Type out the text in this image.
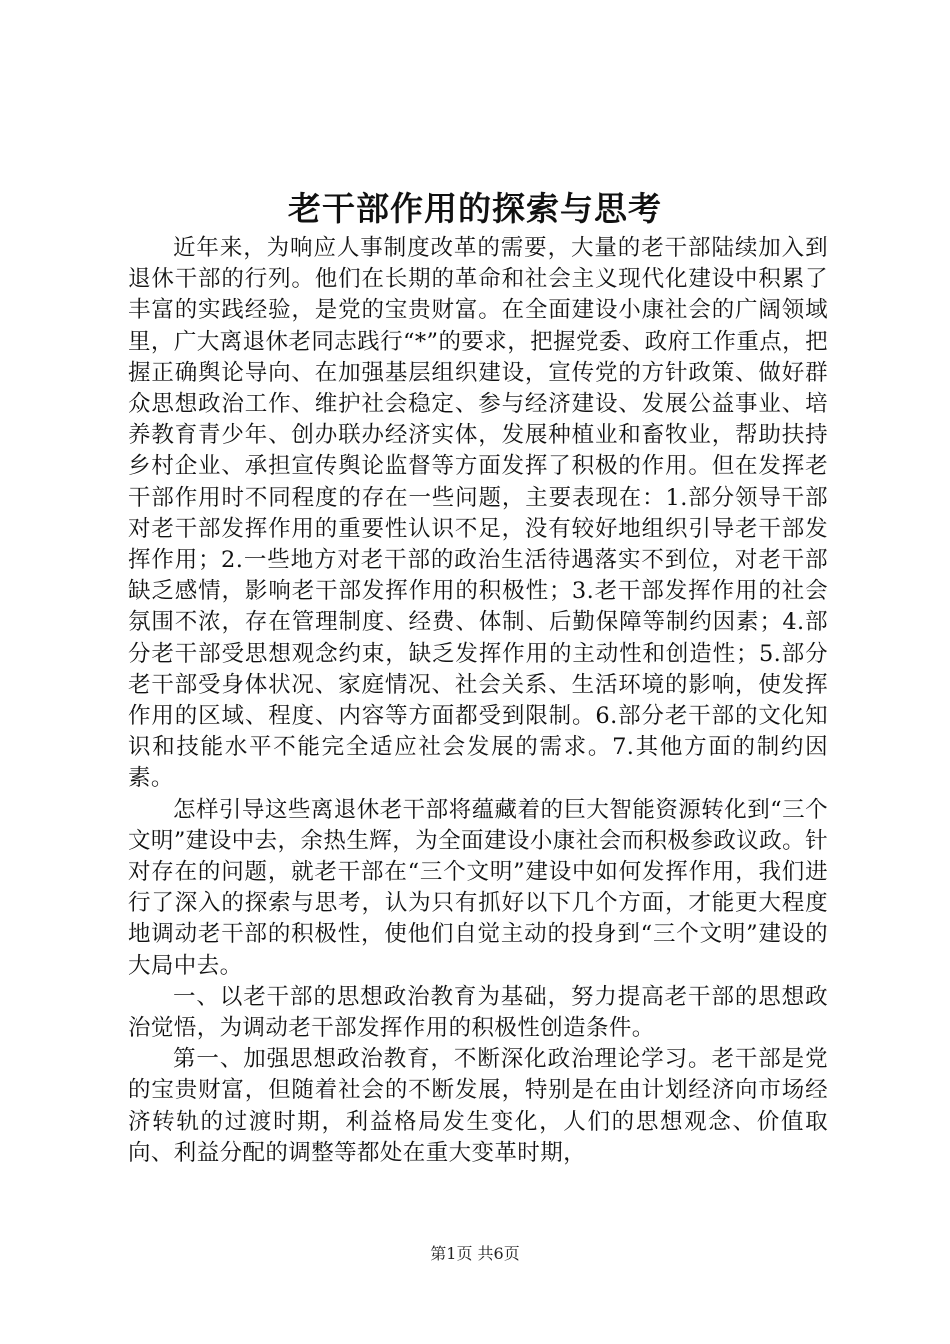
老干部作用的探索与思考

近年来，为响应人事制度改革的需要，大量的老干部陆续加入到退休干部的行列。他们在长期的革命和社会主义现代化建设中积累了丰富的实践经验，是党的宝贵财富。在全面建设小康社会的广阔领域里，广大离退休老同志践行“*”的要求，把握党委、政府工作重点，把握正确舆论导向、在加强基层组织建设，宣传党的方针政策、做好群众思想政治工作、维护社会稳定、参与经济建设、发展公益事业、培养教育青少年、创办联办经济实体，发展种植业和畜牧业，帮助扶持乡村企业、承担宣传舆论监督等方面发挥了积极的作用。但在发挥老干部作用时不同程度的存在一些问题，主要表现在：1.部分领导干部对老干部发挥作用的重要性认识不足，没有较好地组织引导老干部发挥作用；2.一些地方对老干部的政治生活待遇落实不到位，对老干部缺乏感情，影响老干部发挥作用的积极性；3.老干部发挥作用的社会氛围不浓，存在管理制度、经费、体制、后勤保障等制约因素；4.部分老干部受思想观念约束，缺乏发挥作用的主动性和创造性；5.部分老干部受身体状况、家庭情况、社会关系、生活环境的影响，使发挥作用的区域、程度、内容等方面都受到限制。6.部分老干部的文化知识和技能水平不能完全适应社会发展的需求。7.其他方面的制约因素。

怎样引导这些离退休老干部将蕴藏着的巨大智能资源转化到“三个文明”建设中去，余热生辉，为全面建设小康社会而积极参政议政。针对存在的问题，就老干部在“三个文明”建设中如何发挥作用，我们进行了深入的探索与思考，认为只有抓好以下几个方面，才能更大程度地调动老干部的积极性，使他们自觉主动的投身到“三个文明”建设的大局中去。

一、以老干部的思想政治教育为基础，努力提高老干部的思想政治觉悟，为调动老干部发挥作用的积极性创造条件。

第一、加强思想政治教育，不断深化政治理论学习。老干部是党的宝贵财富，但随着社会的不断发展，特别是在由计划经济向市场经济转轨的过渡时期，利益格局发生变化，人们的思想观念、价值取向、利益分配的调整等都处在重大变革时期，

第1页 共6页
